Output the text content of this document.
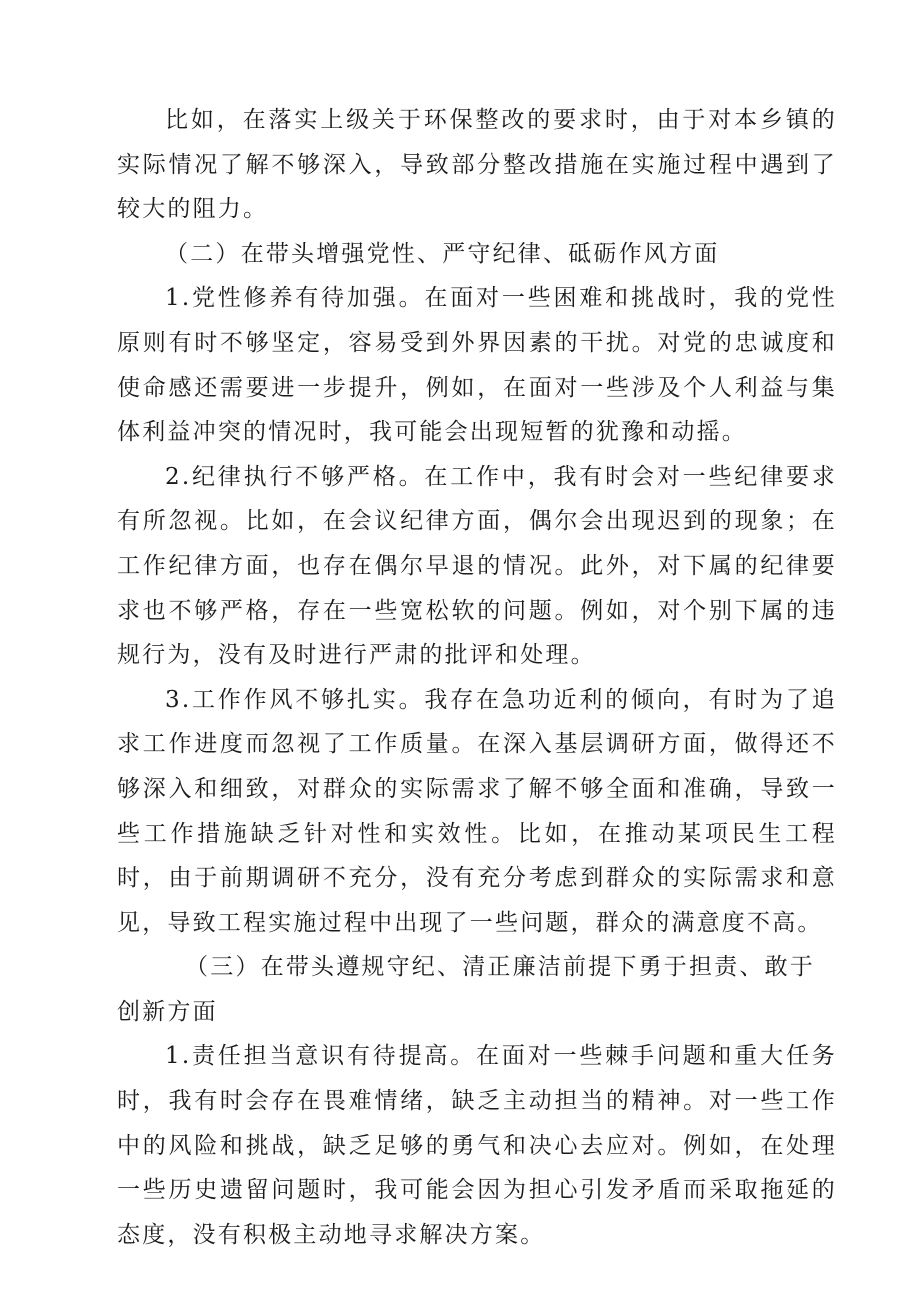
比如，在落实上级关于环保整改的要求时，由于对本乡镇的实际情况了解不够深入，导致部分整改措施在实施过程中遇到了较大的阻力。

（二）在带头增强党性、严守纪律、砥砺作风方面

1.党性修养有待加强。在面对一些困难和挑战时，我的党性原则有时不够坚定，容易受到外界因素的干扰。对党的忠诚度和使命感还需要进一步提升，例如，在面对一些涉及个人利益与集体利益冲突的情况时，我可能会出现短暂的犹豫和动摇。

2.纪律执行不够严格。在工作中，我有时会对一些纪律要求有所忽视。比如，在会议纪律方面，偶尔会出现迟到的现象；在工作纪律方面，也存在偶尔早退的情况。此外，对下属的纪律要求也不够严格，存在一些宽松软的问题。例如，对个别下属的违规行为，没有及时进行严肃的批评和处理。

3.工作作风不够扎实。我存在急功近利的倾向，有时为了追求工作进度而忽视了工作质量。在深入基层调研方面，做得还不够深入和细致，对群众的实际需求了解不够全面和准确，导致一些工作措施缺乏针对性和实效性。比如，在推动某项民生工程时，由于前期调研不充分，没有充分考虑到群众的实际需求和意见，导致工程实施过程中出现了一些问题，群众的满意度不高。

（三）在带头遵规守纪、清正廉洁前提下勇于担责、敢于创新方面

1.责任担当意识有待提高。在面对一些棘手问题和重大任务时，我有时会存在畏难情绪，缺乏主动担当的精神。对一些工作中的风险和挑战，缺乏足够的勇气和决心去应对。例如，在处理一些历史遗留问题时，我可能会因为担心引发矛盾而采取拖延的态度，没有积极主动地寻求解决方案。
